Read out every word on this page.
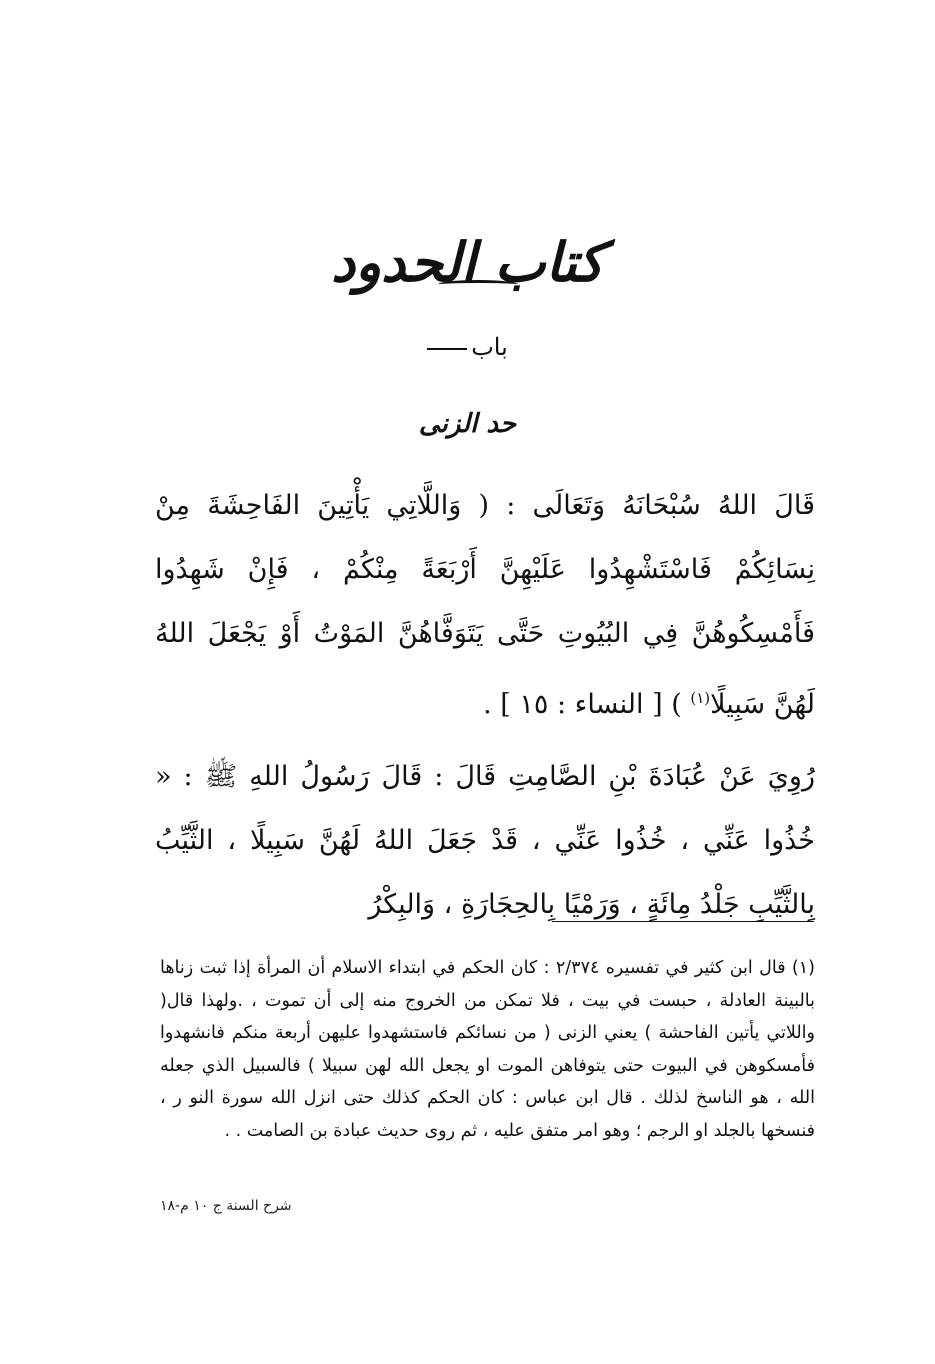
كتاب الحدود
باب
حد الزنى

قَالَ اللهُ سُبْحَانَهُ وَتَعَالَى : ( وَاللَّاتِي يَأْتِينَ الفَاحِشَةَ مِنْ نِسَائِكُمْ فَاسْتَشْهِدُوا عَلَيْهِنَّ أَرْبَعَةً مِنْكُمْ ، فَإِنْ شَهِدُوا فَأَمْسِكُوهُنَّ فِي البُيُوتِ حَتَّى يَتَوَفَّاهُنَّ المَوْتُ أَوْ يَجْعَلَ اللهُ لَهُنَّ سَبِيلًا$^{(١)}$ ) [ النساء : ١٥ ] .

رُوِيَ عَنْ عُبَادَةَ بْنِ الصَّامِتِ قَالَ : قَالَ رَسُولُ اللهِ ﷺ : « خُذُوا عَنِّي ، خُذُوا عَنِّي ، قَدْ جَعَلَ اللهُ لَهُنَّ سَبِيلًا ، الثَّيِّبُ بِالثَّيِّبِ جَلْدُ مِائَةٍ ، وَرَمْيًا بِالحِجَارَةِ ، وَالبِكْرُ

(١) قال ابن كثير في تفسيره ٢/٣٧٤ : كان الحكم في ابتداء الاسلام أن المرأة إذا ثبت زناها بالبينة العادلة ، حبست في بيت ، فلا تمكن من الخروج منه إلى أن تموت ، .ولهذا قال( واللاتي يأتين الفاحشة ) يعني الزنى ( من نسائكم فاستشهدوا عليهن أربعة منكم فانشهدوا فأمسكوهن في البيوت حتى يتوفاهن الموت او يجعل الله لهن سبيلا ) فالسبيل الذي جعله الله ، هو الناسخ لذلك . قال ابن عباس : كان الحكم كذلك حتى انزل الله سورة النو ر ، فنسخها بالجلد او الرجم ؛ وهو امر متفق عليه ، ثم روى حديث عبادة بن الصامت . .

شرح السنة ج ١٠ م-١٨
